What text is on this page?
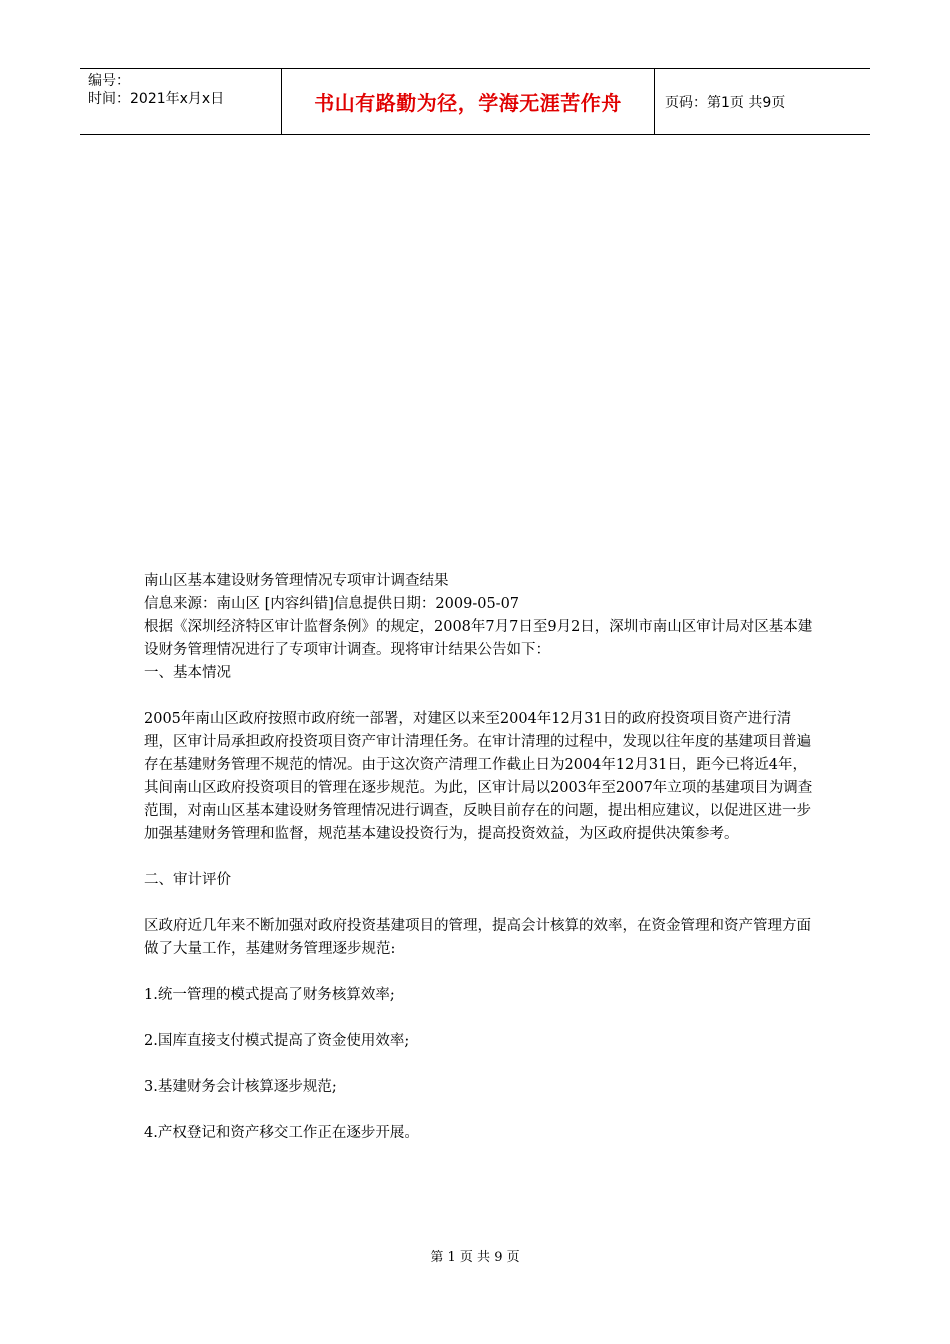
编号：
时间：2021年x月x日	书山有路勤为径，学海无涯苦作舟	页码：第1页 共9页

南山区基本建设财务管理情况专项审计调查结果

信息来源：南山区 [内容纠错]信息提供日期：2009-05-07

根据《深圳经济特区审计监督条例》的规定，2008年7月7日至9月2日，深圳市南山区审计局对区基本建设财务管理情况进行了专项审计调查。现将审计结果公告如下：

一、基本情况

2005年南山区政府按照市政府统一部署，对建区以来至2004年12月31日的政府投资项目资产进行清理，区审计局承担政府投资项目资产审计清理任务。在审计清理的过程中，发现以往年度的基建项目普遍存在基建财务管理不规范的情况。由于这次资产清理工作截止日为2004年12月31日，距今已将近4年，其间南山区政府投资项目的管理在逐步规范。为此，区审计局以2003年至2007年立项的基建项目为调查范围，对南山区基本建设财务管理情况进行调查，反映目前存在的问题，提出相应建议，以促进区进一步加强基建财务管理和监督，规范基本建设投资行为，提高投资效益，为区政府提供决策参考。

二、审计评价

区政府近几年来不断加强对政府投资基建项目的管理，提高会计核算的效率，在资金管理和资产管理方面做了大量工作，基建财务管理逐步规范:

1.统一管理的模式提高了财务核算效率;

2.国库直接支付模式提高了资金使用效率;

3.基建财务会计核算逐步规范;

4.产权登记和资产移交工作正在逐步开展。

第 1 页 共 9 页
